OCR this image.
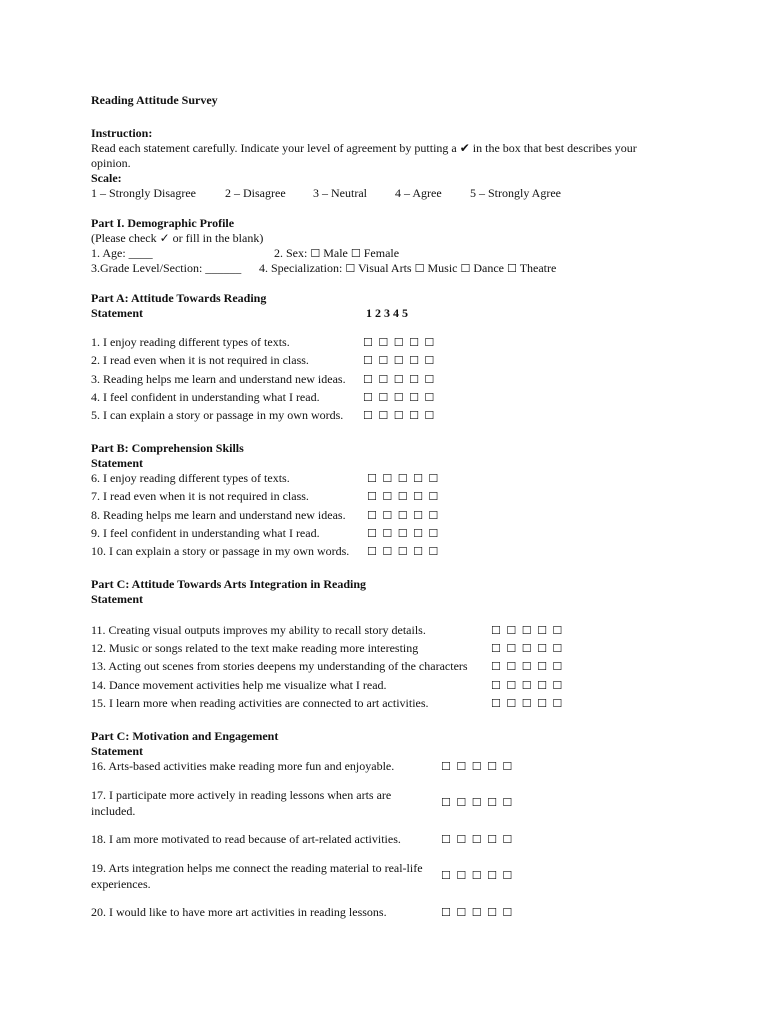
Reading Attitude Survey
Instruction:
Read each statement carefully. Indicate your level of agreement by putting a ✔ in the box that best describes your
opinion.
Scale:
1 – Strongly Disagree 2 – Disagree 3 – Neutral 4 – Agree 5 – Strongly Agree
Part I. Demographic Profile
(Please check ✓ or fill in the blank)
1. Age: ____	2. Sex: ☐ Male ☐ Female
3.Grade Level/Section: ______ 4. Specialization: ☐ Visual Arts ☐ Music ☐ Dance ☐ Theatre
Part A: Attitude Towards Reading
Statement	1 2 3 4 5
1. I enjoy reading different types of texts.	☐ ☐ ☐ ☐ ☐
2. I read even when it is not required in class.	☐ ☐ ☐ ☐ ☐
3. Reading helps me learn and understand new ideas. ☐ ☐ ☐ ☐ ☐
4. I feel confident in understanding what I read.	☐ ☐ ☐ ☐ ☐
5. I can explain a story or passage in my own words. ☐ ☐ ☐ ☐ ☐
Part B: Comprehension Skills
Statement
6. I enjoy reading different types of texts.	☐ ☐ ☐ ☐ ☐
7. I read even when it is not required in class.	☐ ☐ ☐ ☐ ☐
8. Reading helps me learn and understand new ideas. ☐ ☐ ☐ ☐ ☐
9. I feel confident in understanding what I read.	☐ ☐ ☐ ☐ ☐
10. I can explain a story or passage in my own words. ☐ ☐ ☐ ☐ ☐
Part C: Attitude Towards Arts Integration in Reading
Statement
11. Creating visual outputs improves my ability to recall story details.	☐ ☐ ☐ ☐ ☐
12. Music or songs related to the text make reading more interesting	☐ ☐ ☐ ☐ ☐
13. Acting out scenes from stories deepens my understanding of the characters ☐ ☐ ☐ ☐ ☐
14. Dance movement activities help me visualize what I read.	☐ ☐ ☐ ☐ ☐
15. I learn more when reading activities are connected to art activities.	☐ ☐ ☐ ☐ ☐
Part C: Motivation and Engagement
Statement
16. Arts-based activities make reading more fun and enjoyable.	☐ ☐ ☐ ☐ ☐
17. I participate more actively in reading lessons when arts are
included.
☐ ☐ ☐ ☐ ☐
18. I am more motivated to read because of art-related activities.	☐ ☐ ☐ ☐ ☐
19. Arts integration helps me connect the reading material to real-life
experiences.
☐ ☐ ☐ ☐ ☐
20. I would like to have more art activities in reading lessons.	☐ ☐ ☐ ☐ ☐
